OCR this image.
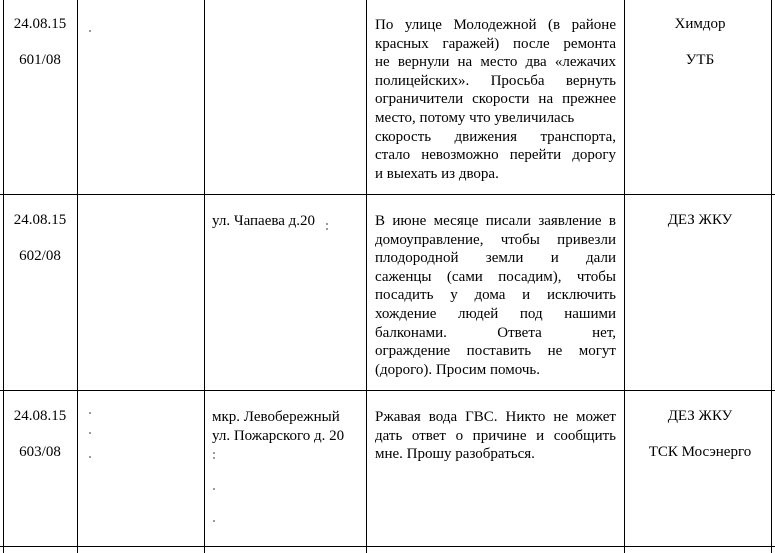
24.08.15
601/08
По улице Молодежной (в районе
красных гаражей) после ремонта
не вернули на место два «лежачих
полицейских». Просьба вернуть
ограничители скорости на прежнее
место, потому что увеличилась
скорость движения транспорта,
стало невозможно перейти дорогу
и выехать из двора.
Химдор
УТБ
24.08.15
602/08
ул. Чапаева д.20	В июне месяце писали заявление в
домоуправление, чтобы привезли
плодородной земли и дали
саженцы (сами посадим), чтобы
посадить у дома и исключить
хождение людей под нашими
балконами. Ответа нет,
ограждение поставить не могут
(дорого). Просим помочь.
ДЕЗ ЖКУ
24.08.15
603/08
мкр. Левобережный
ул. Пожарского д. 20
Ржавая вода ГВС. Никто не может
дать ответ о причине и сообщить
мне. Прошу разобраться.
ДЕЗ ЖКУ
ТСК Мосэнерго
